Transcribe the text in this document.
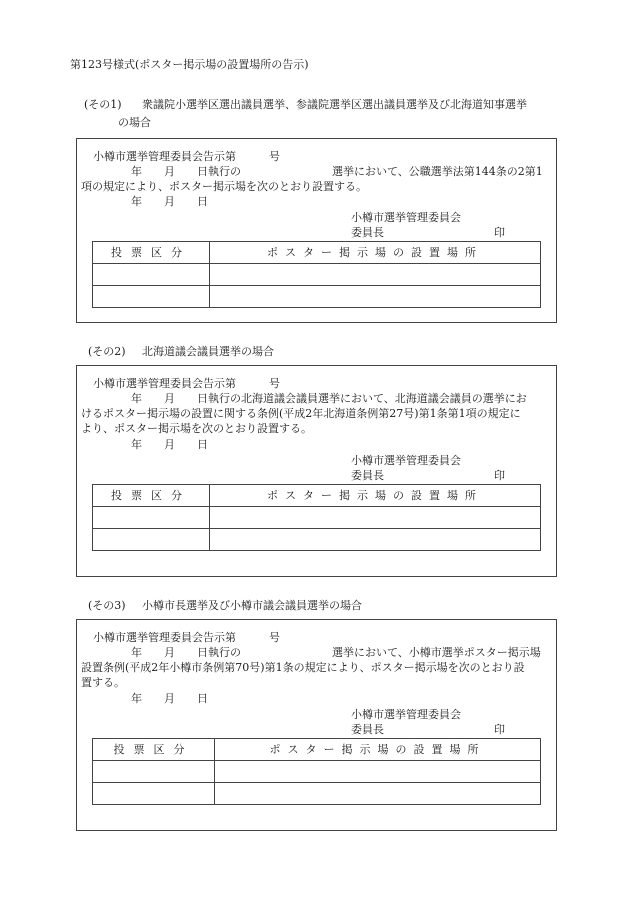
第123号様式(ポスター掲示場の設置場所の告示)
(その1) 衆議院小選挙区選出議員選挙、参議院選挙区選出議員選挙及び北海道知事選挙
の場合
小樽市選挙管理委員会告示第　　　号
年　　月　　日執行の	選挙において、公職選挙法第144条の2第1
項の規定により、ポスター掲示場を次のとおり設置する。
年　　月　　日
小樽市選挙管理委員会
委員長	印
投票区分	ポスター掲示場の設置場所

(その2) 北海道議会議員選挙の場合
小樽市選挙管理委員会告示第　　　号
年　　月　　日執行の北海道議会議員選挙において、北海道議会議員の選挙にお
けるポスター掲示場の設置に関する条例(平成2年北海道条例第27号)第1条第1項の規定に
より、ポスター掲示場を次のとおり設置する。
年　　月　　日
小樽市選挙管理委員会
委員長	印
投票区分	ポスター掲示場の設置場所

(その3) 小樽市長選挙及び小樽市議会議員選挙の場合
小樽市選挙管理委員会告示第　　　号
年　　月　　日執行の	選挙において、小樽市選挙ポスター掲示場
設置条例(平成2年小樽市条例第70号)第1条の規定により、ポスター掲示場を次のとおり設
置する。
年　　月　　日
小樽市選挙管理委員会
委員長	印
投票区分	ポスター掲示場の設置場所
